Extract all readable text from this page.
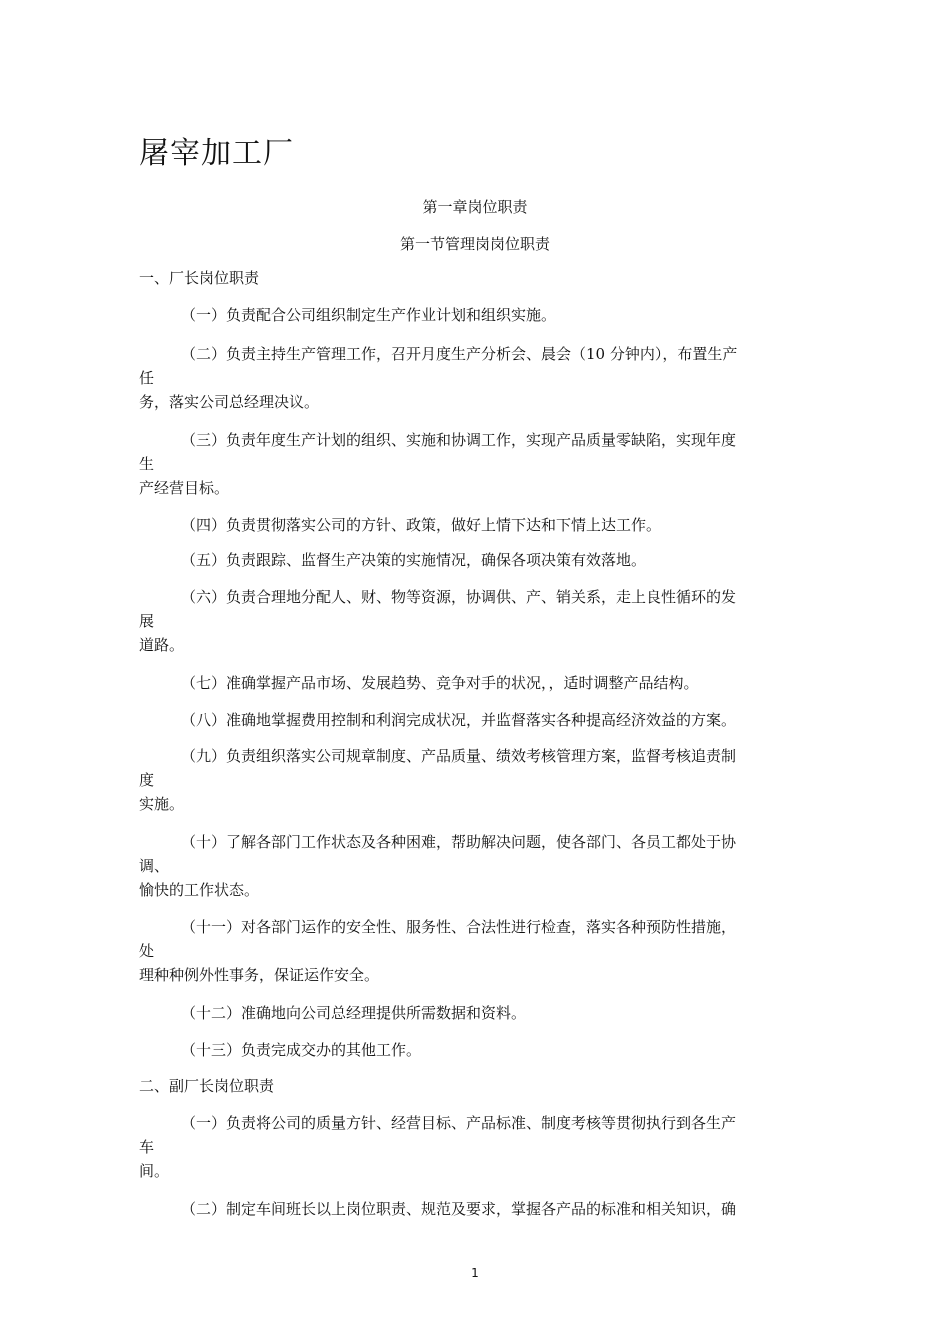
屠宰加工厂
第一章岗位职责
第一节管理岗岗位职责
一、厂长岗位职责
（一）负责配合公司组织制定生产作业计划和组织实施。
（二）负责主持生产管理工作，召开月度生产分析会、晨会（10 分钟内），布置生产
任
务，落实公司总经理决议。
（三）负责年度生产计划的组织、实施和协调工作，实现产品质量零缺陷，实现年度
生
产经营目标。
（四）负责贯彻落实公司的方针、政策，做好上情下达和下情上达工作。
（五）负责跟踪、监督生产决策的实施情况，确保各项决策有效落地。
（六）负责合理地分配人、财、物等资源，协调供、产、销关系，走上良性循环的发
展
道路。
（七）准确掌握产品市场、发展趋势、竞争对手的状况，，适时调整产品结构。
（八）准确地掌握费用控制和利润完成状况，并监督落实各种提高经济效益的方案。
（九）负责组织落实公司规章制度、产品质量、绩效考核管理方案，监督考核追责制
度
实施。
（十）了解各部门工作状态及各种困难，帮助解决问题，使各部门、各员工都处于协
调、
愉快的工作状态。
（十一）对各部门运作的安全性、服务性、合法性进行检查，落实各种预防性措施，
处
理种种例外性事务，保证运作安全。
（十二）准确地向公司总经理提供所需数据和资料。
（十三）负责完成交办的其他工作。
二、副厂长岗位职责
（一）负责将公司的质量方针、经营目标、产品标准、制度考核等贯彻执行到各生产
车
间。
（二）制定车间班长以上岗位职责、规范及要求，掌握各产品的标准和相关知识，确
1
